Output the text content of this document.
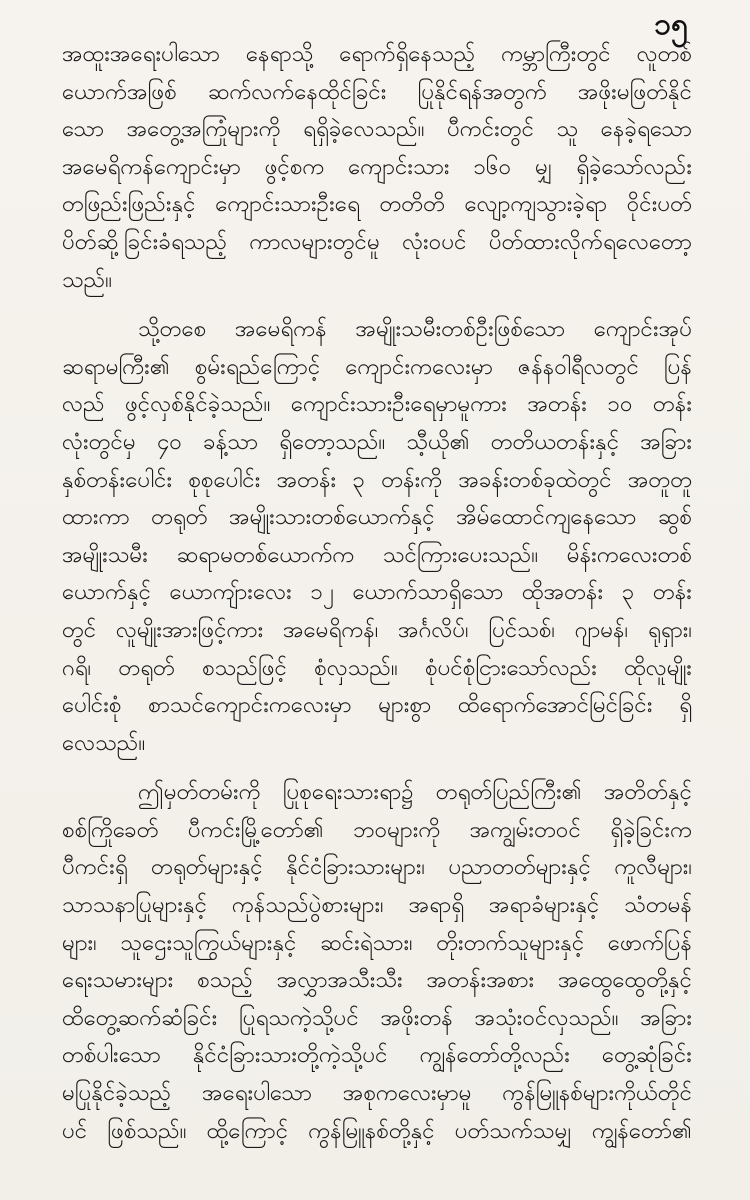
၁၅
အထူးအရေးပါသော နေရာသို့ ရောက်ရှိနေသည့် ကမ္ဘာကြီးတွင် လူတစ်
ယောက်အဖြစ် ဆက်လက်နေထိုင်ခြင်း ပြုနိုင်ရန်အတွက် အဖိုးမဖြတ်နိုင်
သော အတွေ့အကြုံများကို ရရှိခဲ့လေသည်။ ပီကင်းတွင် သူ နေခဲ့ရသော
အမေရိကန်ကျောင်းမှာ ဖွင့်စက ကျောင်းသား ၁၆၀ မျှ ရှိခဲ့သော်လည်း
တဖြည်းဖြည်းနှင့် ကျောင်းသားဦးရေ တတိတိ လျော့ကျသွားခဲ့ရာ ဝိုင်းပတ်
ပိတ်ဆို့ခြင်းခံရသည့် ကာလများတွင်မူ လုံးဝပင် ပိတ်ထားလိုက်ရလေတော့
သည်။
သို့တစေ အမေရိကန် အမျိုးသမီးတစ်ဦးဖြစ်သော ကျောင်းအုပ်
ဆရာမကြီး၏ စွမ်းရည်ကြောင့် ကျောင်းကလေးမှာ ဇန်နဝါရီလတွင် ပြန်
လည် ဖွင့်လှစ်နိုင်ခဲ့သည်။ ကျောင်းသားဦးရေမှာမူကား အတန်း ၁၀ တန်း
လုံးတွင်မှ ၄၀ ခန့်သာ ရှိတော့သည်။ သီ့ယို၏ တတိယတန်းနှင့် အခြား
နှစ်တန်းပေါင်း စုစုပေါင်း အတန်း ၃ တန်းကို အခန်းတစ်ခုထဲတွင် အတူတူ
ထားကာ တရုတ် အမျိုးသားတစ်ယောက်နှင့် အိမ်ထောင်ကျနေသော ဆွစ်
အမျိုးသမီး ဆရာမတစ်ယောက်က သင်ကြားပေးသည်။ မိန်းကလေးတစ်
ယောက်နှင့် ယောကျ်ားလေး ၁၂ ယောက်သာရှိသော ထိုအတန်း ၃ တန်း
တွင် လူမျိုးအားဖြင့်ကား အမေရိကန်၊ အင်္ဂလိပ်၊ ပြင်သစ်၊ ဂျာမန်၊ ရုရှား၊
ဂရိ၊ တရုတ် စသည်ဖြင့် စုံလှသည်။ စုံပင်စုံငြားသော်လည်း ထိုလူမျိုး
ပေါင်းစုံ စာသင်ကျောင်းကလေးမှာ များစွာ ထိရောက်အောင်မြင်ခြင်း ရှိ
လေသည်။
ဤမှတ်တမ်းကို ပြုစုရေးသားရာ၌ တရုတ်ပြည်ကြီး၏ အတိတ်နှင့်
စစ်ကြိုခေတ် ပီကင်းမြို့တော်၏ ဘဝများကို အကျွမ်းတဝင် ရှိခဲ့ခြင်းက
ပီကင်းရှိ တရုတ်များနှင့် နိုင်ငံခြားသားများ၊ ပညာတတ်များနှင့် ကူလီများ၊
သာသနာပြုများနှင့် ကုန်သည်ပွဲစားများ၊ အရာရှိ အရာခံများနှင့် သံတမန်
များ၊ သူဌေးသူကြွယ်များနှင့် ဆင်းရဲသား၊ တိုးတက်သူများနှင့် ဖောက်ပြန်
ရေးသမားများ စသည့် အလွှာအသီးသီး အတန်းအစား အထွေထွေတို့နှင့်
ထိတွေ့ဆက်ဆံခြင်း ပြုရသကဲ့သို့ပင် အဖိုးတန် အသုံးဝင်လှသည်။ အခြား
တစ်ပါးသော နိုင်ငံခြားသားတို့ကဲ့သို့ပင် ကျွန်တော်တို့လည်း တွေ့ဆုံခြင်း
မပြုနိုင်ခဲ့သည့် အရေးပါသော အစုကလေးမှာမူ ကွန်မြူနစ်များကိုယ်တိုင်
ပင် ဖြစ်သည်။ ထို့ကြောင့် ကွန်မြူနစ်တို့နှင့် ပတ်သက်သမျှ ကျွန်တော်၏
